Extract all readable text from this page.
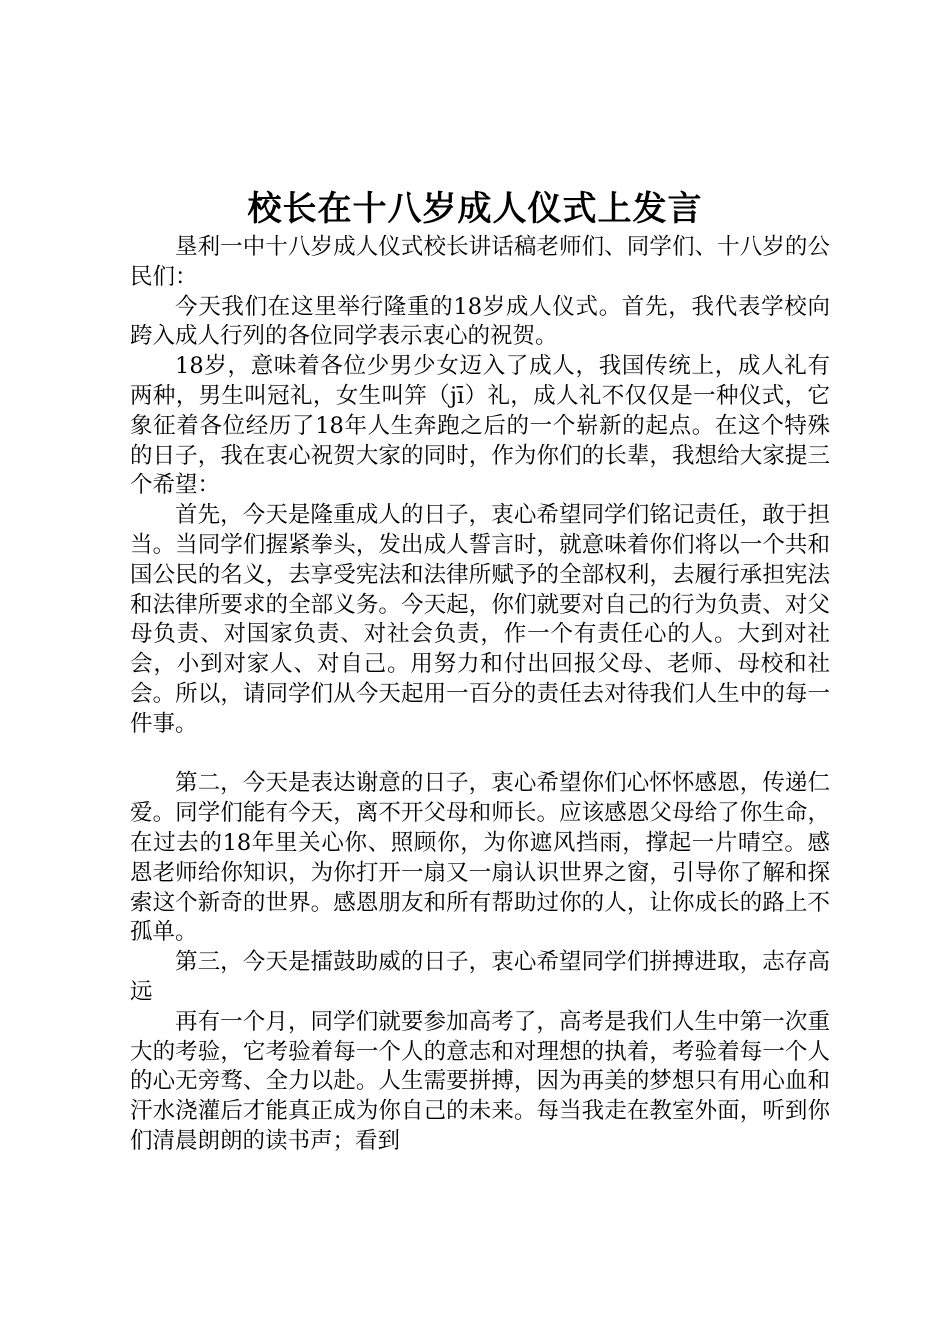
校长在十八岁成人仪式上发言

垦利一中十八岁成人仪式校长讲话稿老师们、同学们、十八岁的公民们：

今天我们在这里举行隆重的18岁成人仪式。首先，我代表学校向跨入成人行列的各位同学表示衷心的祝贺。

18岁，意味着各位少男少女迈入了成人，我国传统上，成人礼有两种，男生叫冠礼，女生叫笄（jī）礼，成人礼不仅仅是一种仪式，它象征着各位经历了18年人生奔跑之后的一个崭新的起点。在这个特殊的日子，我在衷心祝贺大家的同时，作为你们的长辈，我想给大家提三个希望：

首先，今天是隆重成人的日子，衷心希望同学们铭记责任，敢于担当。当同学们握紧拳头，发出成人誓言时，就意味着你们将以一个共和国公民的名义，去享受宪法和法律所赋予的全部权利，去履行承担宪法和法律所要求的全部义务。今天起，你们就要对自己的行为负责、对父母负责、对国家负责、对社会负责，作一个有责任心的人。大到对社会，小到对家人、对自己。用努力和付出回报父母、老师、母校和社会。所以，请同学们从今天起用一百分的责任去对待我们人生中的每一件事。

第二，今天是表达谢意的日子，衷心希望你们心怀怀感恩，传递仁爱。同学们能有今天，离不开父母和师长。应该感恩父母给了你生命，在过去的18年里关心你、照顾你，为你遮风挡雨，撑起一片晴空。感恩老师给你知识，为你打开一扇又一扇认识世界之窗，引导你了解和探索这个新奇的世界。感恩朋友和所有帮助过你的人，让你成长的路上不孤单。

第三，今天是擂鼓助威的日子，衷心希望同学们拼搏进取，志存高远

再有一个月，同学们就要参加高考了，高考是我们人生中第一次重大的考验，它考验着每一个人的意志和对理想的执着，考验着每一个人的心无旁骛、全力以赴。人生需要拼搏，因为再美的梦想只有用心血和汗水浇灌后才能真正成为你自己的未来。每当我走在教室外面，听到你们清晨朗朗的读书声；看到
